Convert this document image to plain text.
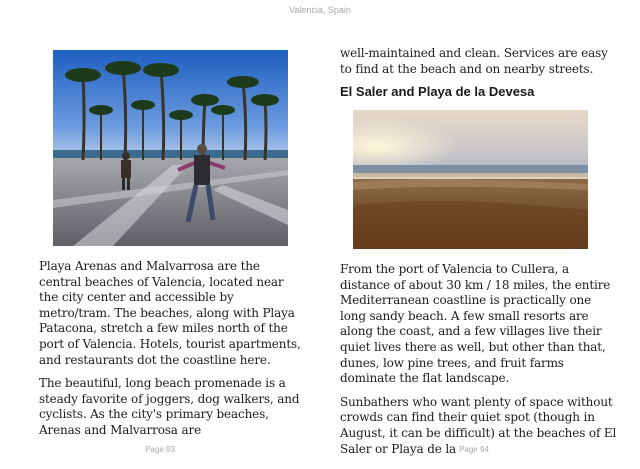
Valencia, Spain

Playa Arenas and Malvarrosa are the central beaches of Valencia, located near the city center and accessible by metro/tram. The beaches, along with Playa Patacona, stretch a few miles north of the port of Valencia. Hotels, tourist apartments, and restaurants dot the coastline here.

The beautiful, long beach promenade is a steady favorite of joggers, dog walkers, and cyclists. As the city's primary beaches, Arenas and Malvarrosa are

Page 93

well-maintained and clean. Services are easy to find at the beach and on nearby streets.

El Saler and Playa de la Devesa

From the port of Valencia to Cullera, a distance of about 30 km / 18 miles, the entire Mediterranean coastline is practically one long sandy beach. A few small resorts are along the coast, and a few villages live their quiet lives there as well, but other than that, dunes, low pine trees, and fruit farms dominate the flat landscape.

Sunbathers who want plenty of space without crowds can find their quiet spot (though in August, it can be difficult) at the beaches of El Saler or Playa de la Page 94
